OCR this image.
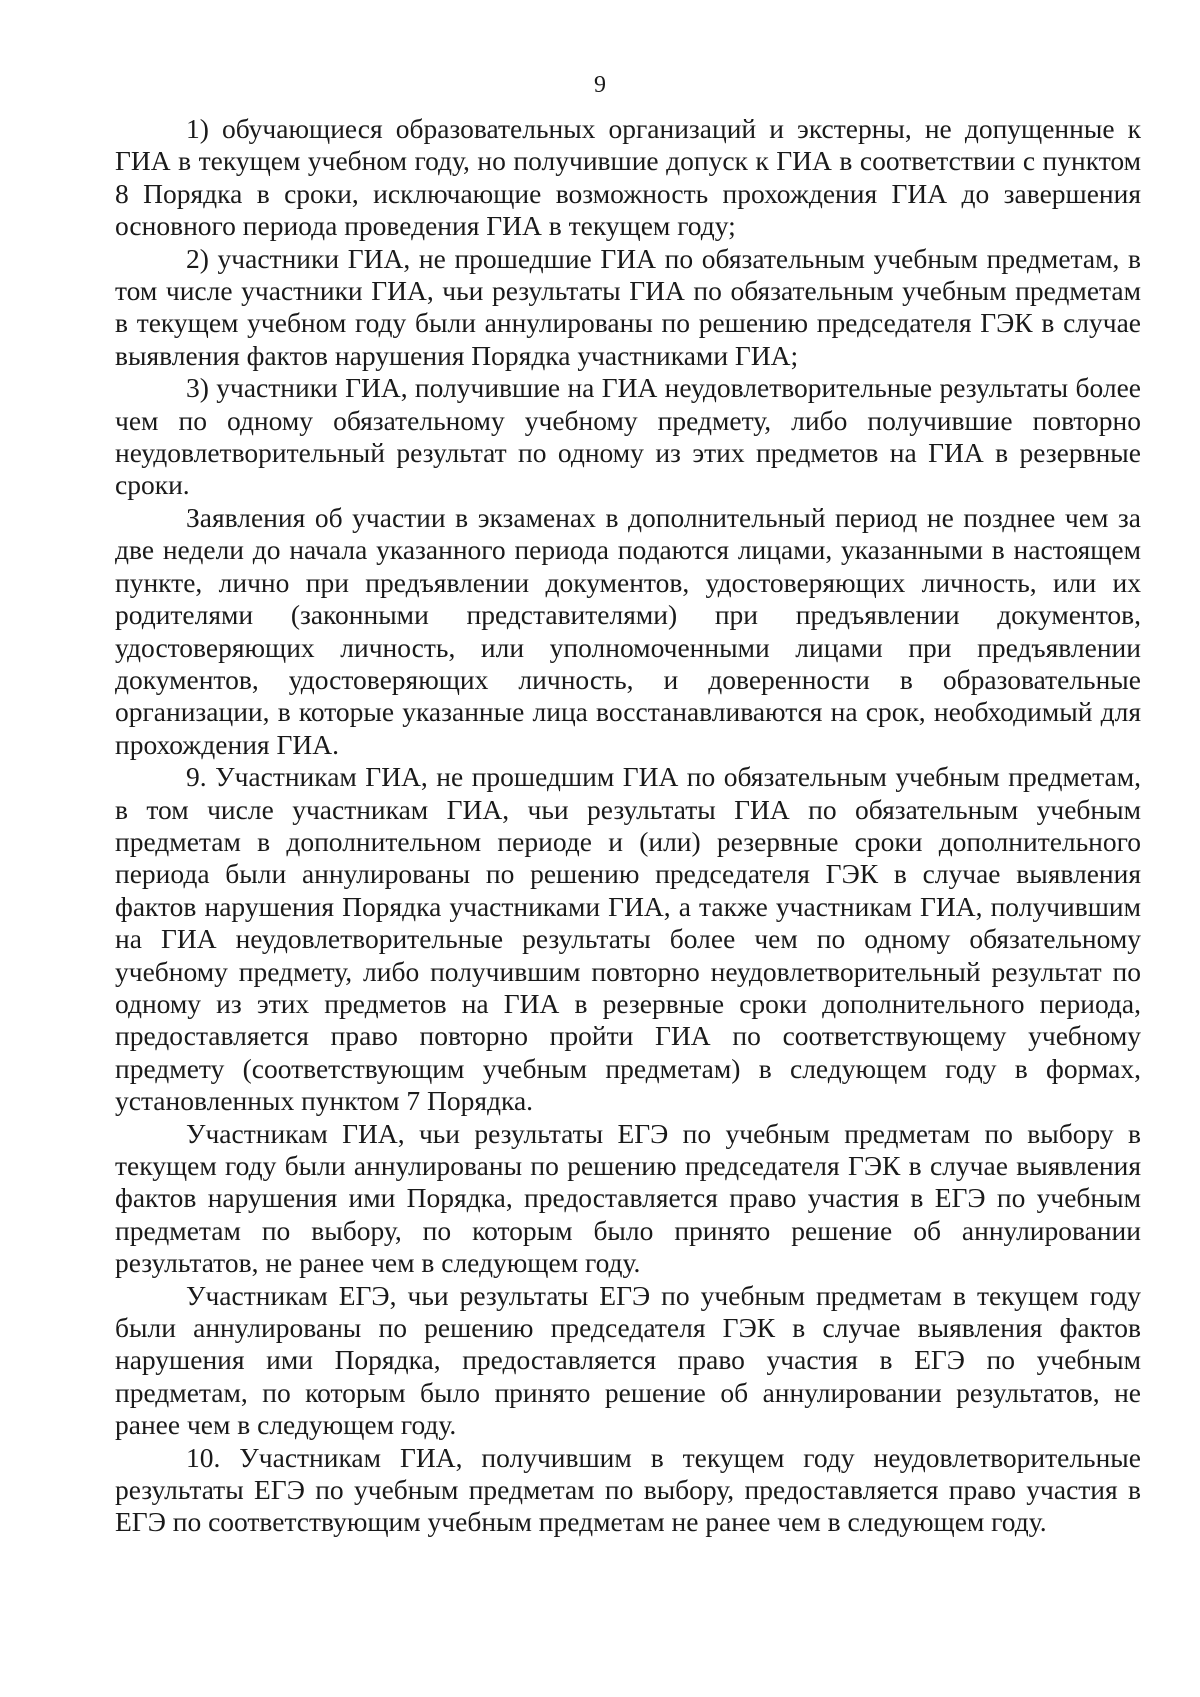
9

1) обучающиеся образовательных организаций и экстерны, не допущенные к ГИА в текущем учебном году, но получившие допуск к ГИА в соответствии с пунктом 8 Порядка в сроки, исключающие возможность прохождения ГИА до завершения основного периода проведения ГИА в текущем году;

2) участники ГИА, не прошедшие ГИА по обязательным учебным предметам, в том числе участники ГИА, чьи результаты ГИА по обязательным учебным предметам в текущем учебном году были аннулированы по решению председателя ГЭК в случае выявления фактов нарушения Порядка участниками ГИА;

3) участники ГИА, получившие на ГИА неудовлетворительные результаты более чем по одному обязательному учебному предмету, либо получившие повторно неудовлетворительный результат по одному из этих предметов на ГИА в резервные сроки.

Заявления об участии в экзаменах в дополнительный период не позднее чем за две недели до начала указанного периода подаются лицами, указанными в настоящем пункте, лично при предъявлении документов, удостоверяющих личность, или их родителями (законными представителями) при предъявлении документов, удостоверяющих личность, или уполномоченными лицами при предъявлении документов, удостоверяющих личность, и доверенности в образовательные организации, в которые указанные лица восстанавливаются на срок, необходимый для прохождения ГИА.

9. Участникам ГИА, не прошедшим ГИА по обязательным учебным предметам, в том числе участникам ГИА, чьи результаты ГИА по обязательным учебным предметам в дополнительном периоде и (или) резервные сроки дополнительного периода были аннулированы по решению председателя ГЭК в случае выявления фактов нарушения Порядка участниками ГИА, а также участникам ГИА, получившим на ГИА неудовлетворительные результаты более чем по одному обязательному учебному предмету, либо получившим повторно неудовлетворительный результат по одному из этих предметов на ГИА в резервные сроки дополнительного периода, предоставляется право повторно пройти ГИА по соответствующему учебному предмету (соответствующим учебным предметам) в следующем году в формах, установленных пунктом 7 Порядка.

Участникам ГИА, чьи результаты ЕГЭ по учебным предметам по выбору в текущем году были аннулированы по решению председателя ГЭК в случае выявления фактов нарушения ими Порядка, предоставляется право участия в ЕГЭ по учебным предметам по выбору, по которым было принято решение об аннулировании результатов, не ранее чем в следующем году.

Участникам ЕГЭ, чьи результаты ЕГЭ по учебным предметам в текущем году были аннулированы по решению председателя ГЭК в случае выявления фактов нарушения ими Порядка, предоставляется право участия в ЕГЭ по учебным предметам, по которым было принято решение об аннулировании результатов, не ранее чем в следующем году.

10. Участникам ГИА, получившим в текущем году неудовлетворительные результаты ЕГЭ по учебным предметам по выбору, предоставляется право участия в ЕГЭ по соответствующим учебным предметам не ранее чем в следующем году.
